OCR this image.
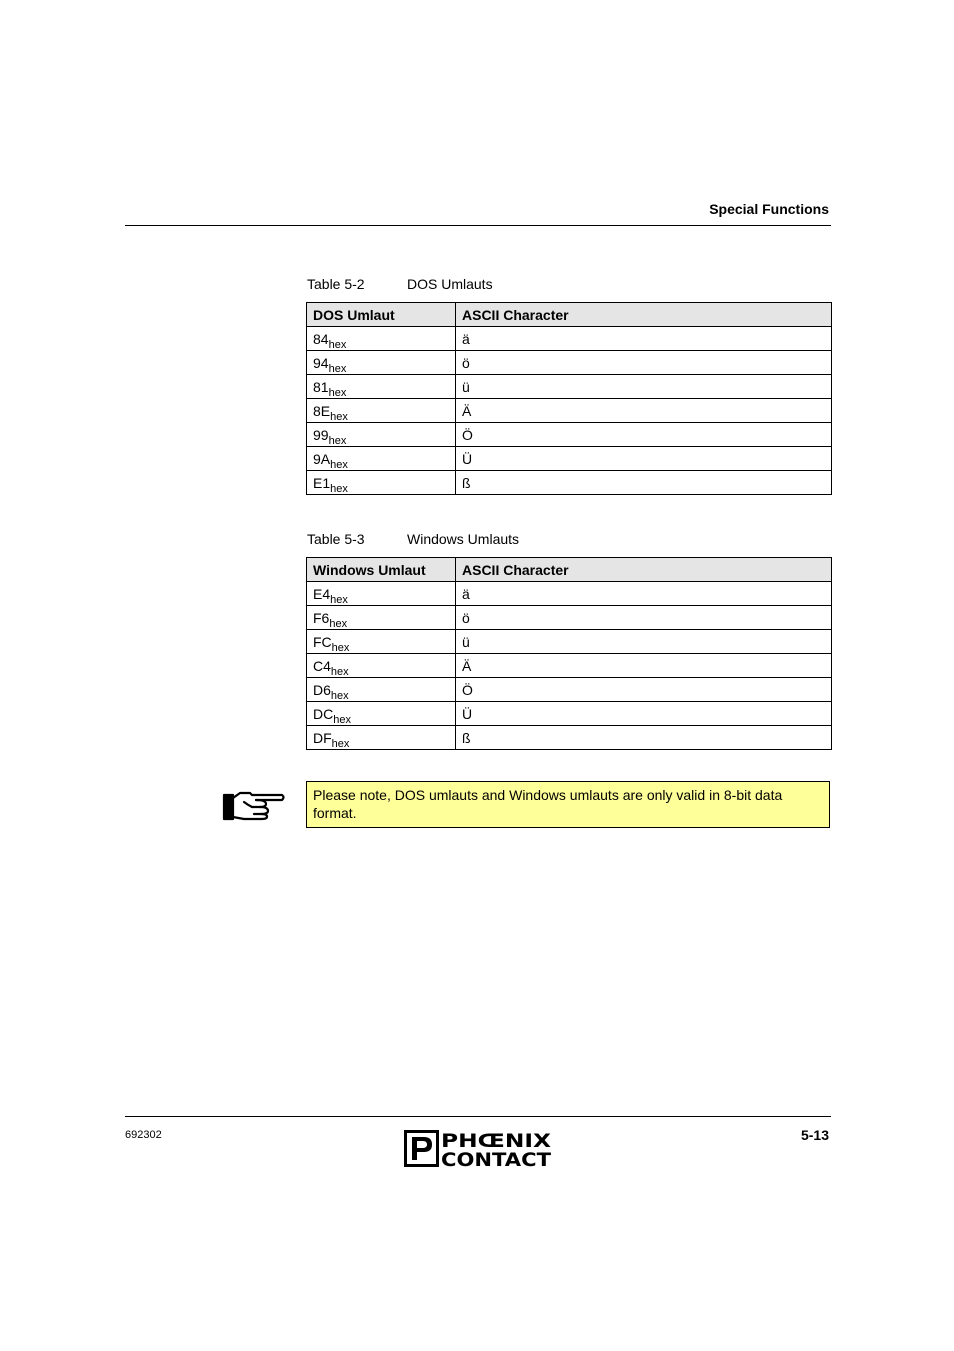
Special Functions
Table 5-2	DOS Umlauts
DOS Umlaut	ASCII Character
$84_{hex}$	ä
$94_{hex}$	ö
$81_{hex}$	ü
$8E_{hex}$	Ä
$99_{hex}$	Ö
$9A_{hex}$	Ü
$E1_{hex}$	ß
Table 5-3	Windows Umlauts
Windows Umlaut	ASCII Character
$E4_{hex}$	ä
$F6_{hex}$	ö
$FC_{hex}$	ü
$C4_{hex}$	Ä
$D6_{hex}$	Ö
$DC_{hex}$	Ü
$DF_{hex}$	ß
Please note, DOS umlauts and Windows umlauts are only valid in 8-bit data format.
692302	5-13
PHŒNIX
CONTACT
